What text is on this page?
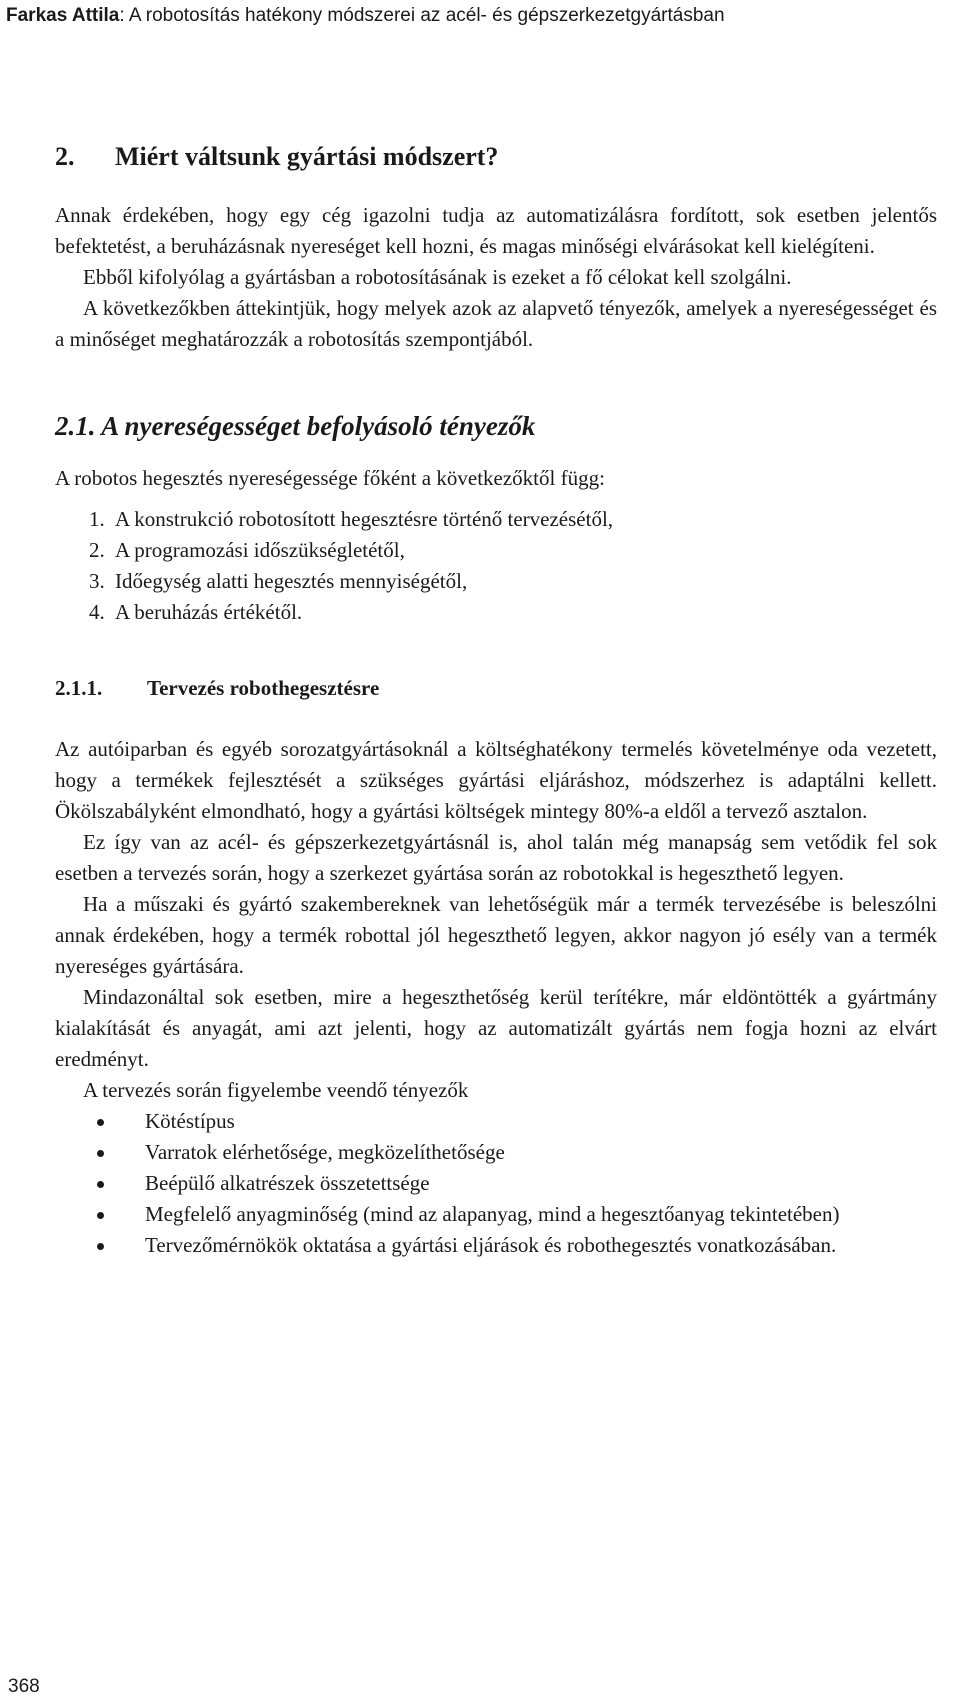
Farkas Attila: A robotosítás hatékony módszerei az acél- és gépszerkezetgyártásban
2. Miért váltsunk gyártási módszert?

Annak érdekében, hogy egy cég igazolni tudja az automatizálásra fordított, sok esetben jelentős befektetést, a beruházásnak nyereséget kell hozni, és magas minőségi elvárásokat kell kielégíteni.

Ebből kifolyólag a gyártásban a robotosításának is ezeket a fő célokat kell szolgálni.

A következőkben áttekintjük, hogy melyek azok az alapvető tényezők, amelyek a nyereségességet és a minőséget meghatározzák a robotosítás szempontjából.

2.1. A nyereségességet befolyásoló tényezők

A robotos hegesztés nyereségessége főként a következőktől függ:

1. A konstrukció robotosított hegesztésre történő tervezésétől,
2. A programozási időszükségletétől,
3. Időegység alatti hegesztés mennyiségétől,
4. A beruházás értékétől.
2.1.1. Tervezés robothegesztésre

Az autóiparban és egyéb sorozatgyártásoknál a költséghatékony termelés követelménye oda vezetett, hogy a termékek fejlesztését a szükséges gyártási eljáráshoz, módszerhez is adaptálni kellett. Ökölszabályként elmondható, hogy a gyártási költségek mintegy 80%-a eldől a tervező asztalon.

Ez így van az acél- és gépszerkezetgyártásnál is, ahol talán még manapság sem vetődik fel sok esetben a tervezés során, hogy a szerkezet gyártása során az robotokkal is hegeszthető legyen.

Ha a műszaki és gyártó szakembereknek van lehetőségük már a termék tervezésébe is beleszólni annak érdekében, hogy a termék robottal jól hegeszthető legyen, akkor nagyon jó esély van a termék nyereséges gyártására.

Mindazonáltal sok esetben, mire a hegeszthetőség kerül terítékre, már eldöntötték a gyártmány kialakítását és anyagát, ami azt jelenti, hogy az automatizált gyártás nem fogja hozni az elvárt eredményt.

A tervezés során figyelembe veendő tényezők

Kötéstípus
Varratok elérhetősége, megközelíthetősége
Beépülő alkatrészek összetettsége
Megfelelő anyagminőség (mind az alapanyag, mind a hegesztőanyag tekintetében)
Tervezőmérnökök oktatása a gyártási eljárások és robothegesztés vonatkozásában.
368
